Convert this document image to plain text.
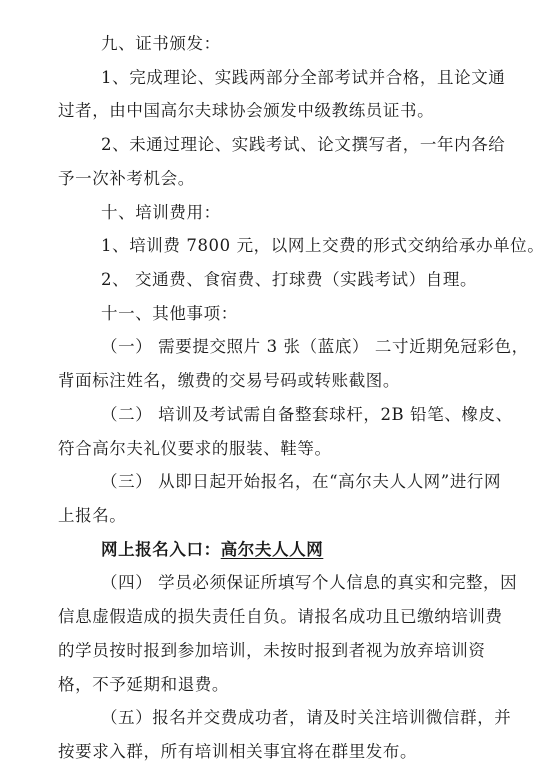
九、证书颁发：
1、完成理论、实践两部分全部考试并合格，且论文通
过者，由中国高尔夫球协会颁发中级教练员证书。
2、未通过理论、实践考试、论文撰写者，一年内各给
予一次补考机会。
十、培训费用：
1、培训费 7800 元，以网上交费的形式交纳给承办单位。
2、 交通费、食宿费、打球费（实践考试）自理。
十一、其他事项：
（一） 需要提交照片 3 张（蓝底） 二寸近期免冠彩色，
背面标注姓名，缴费的交易号码或转账截图。
（二） 培训及考试需自备整套球杆，2B 铅笔、橡皮、
符合高尔夫礼仪要求的服装、鞋等。
（三） 从即日起开始报名，在“高尔夫人人网”进行网
上报名。
网上报名入口：高尔夫人人网
（四） 学员必须保证所填写个人信息的真实和完整，因
信息虚假造成的损失责任自负。请报名成功且已缴纳培训费
的学员按时报到参加培训，未按时报到者视为放弃培训资
格，不予延期和退费。
（五）报名并交费成功者，请及时关注培训微信群，并
按要求入群，所有培训相关事宜将在群里发布。
